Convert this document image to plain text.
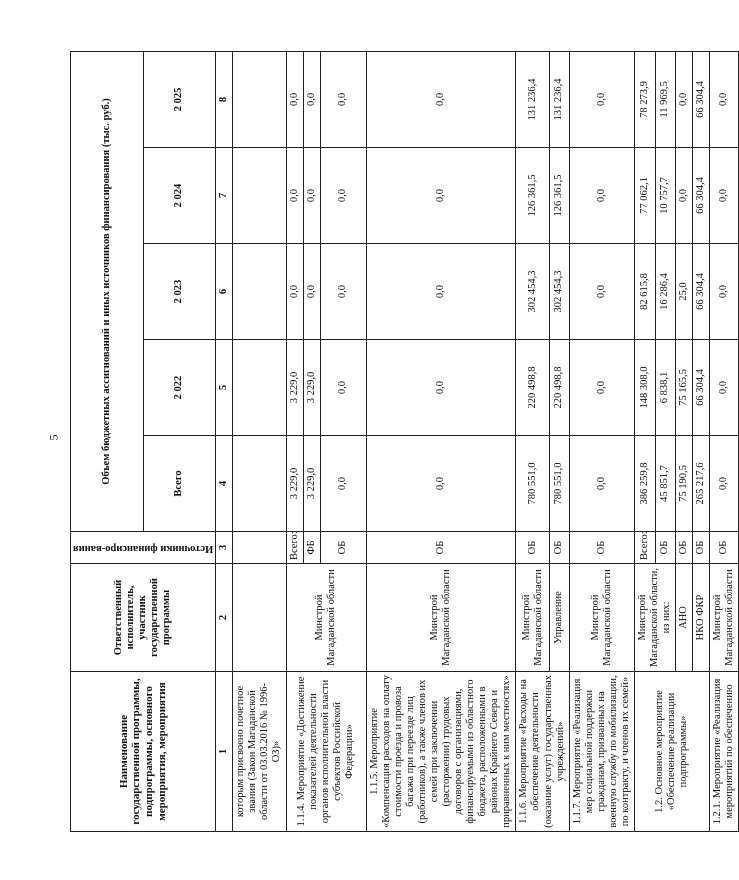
5
Наименование государственной программы, подпрограммы, основного мероприятия, мероприятия	Ответственный исполнитель, участник государственной программы	Источники финансиро-вания	Объем бюджетных ассигнований и иных источников финансирования (тыс. руб.)				
			Всего	2 022	2 023	2 024	2 025
1	2	3	4	5	6	7	8
которым присвоено почетное звания (Закон Магаданской области от 03.03.2016 № 1996-ОЗ)»							
1.1.4. Мероприятие «Достижение показателей деятельности органов исполнительной власти субъектов Российской Федерации»	Минстрой Магаданской области	Всего:	3 229,0	3 229,0	0,0	0,0	0,0
		ФБ	3 229,0	3 229,0	0,0	0,0	0,0
		ОБ	0,0	0,0	0,0	0,0	0,0
1.1.5. Мероприятие «Компенсация расходов на оплату стоимости проезда и провоза багажа при переезде лиц (работников), а также членов их семей при заключении (расторжении) трудовых договоров с организациями, финансируемыми из областного бюджета, расположенными в районах Крайнего Севера и приравненных к ним местностях»	Минстрой Магаданской области	ОБ	0,0	0,0	0,0	0,0	0,0
1.1.6. Мероприятие «Расходы на обеспечение деятельности (оказание услуг) государственных учреждений»	Минстрой Магаданской области	ОБ	780 551,0	220 498,8	302 454,3	126 361,5	131 236,4
	Управление	ОБ	780 551,0	220 498,8	302 454,3	126 361,5	131 236,4
1.1.7. Мероприятие «Реализация мер социальной поддержки гражданам, призванных на военную службу по мобилизации, по контракту, и членов их семей»	Минстрой Магаданской области	ОБ	0,0	0,0	0,0	0,0	0,0
1.2. Основное мероприятие «Обеспечение реализации подпрограммы»	Минстрой Магаданской области, из них:	Всего:	386 259,8	148 308,0	82 615,8	77 062,1	78 273,9
		ОБ	45 851,7	6 838,1	16 286,4	10 757,7	11 969,5
	АНО	ОБ	75 190,5	75 165,5	25,0	0,0	0,0
	НКО ФКР	ОБ	265 217,6	66 304,4	66 304,4	66 304,4	66 304,4
1.2.1. Мероприятие «Реализация мероприятий по обеспечению	Минстрой Магаданской области	ОБ	0,0	0,0	0,0	0,0	0,0
